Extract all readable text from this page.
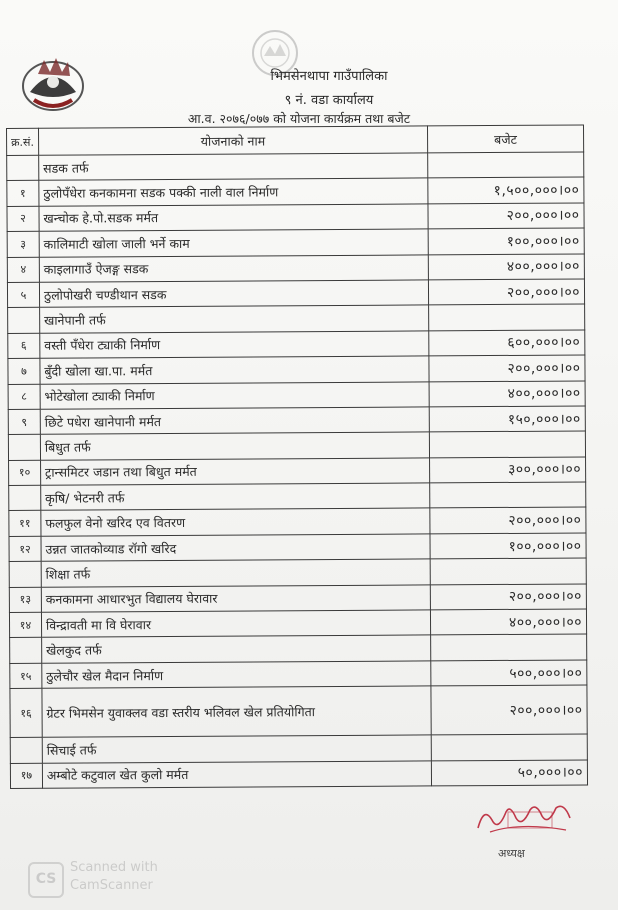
भिमसेनथापा गाउँपालिका
९ नं. वडा कार्यालय
आ.व. २०७६/०७७ को योजना कार्यक्रम तथा बजेट
क्र.सं.	योजनाको नाम	बजेट
	सडक तर्फ	
१	ठुलोपँधेरा कनकामना सडक पक्की नाली वाल निर्माण	१,५००,०००।००
२	खन्चोक हे.पो.सडक मर्मत	२००,०००।००
३	कालिमाटी खोला जाली भर्ने काम	१००,०००।००
४	काइलागाउँ ऐजङ्ग सडक	४००,०००।००
५	ठुलोपोखरी चण्डीथान सडक	२००,०००।००
	खानेपानी तर्फ	
६	वस्ती पँधेरा ट्याकी निर्माण	६००,०००।००
७	बुँदी खोला खा.पा. मर्मत	२००,०००।००
८	भोटेखोला ट्याकी निर्माण	४००,०००।००
९	छिटे पधेरा खानेपानी मर्मत	१५०,०००।००
	बिधुत तर्फ	
१०	ट्रान्समिटर जडान तथा बिधुत मर्मत	३००,०००।००
	कृषि/ भेटनरी तर्फ	
११	फलफुल वेनो खरिद एव वितरण	२००,०००।००
१२	उन्नत जातकोव्याड रॉगो खरिद	१००,०००।००
	शिक्षा तर्फ	
१३	कनकामना आधारभुत विद्यालय घेरावार	२००,०००।००
१४	विन्द्रावती मा वि घेरावार	४००,०००।००
	खेलकुद तर्फ	
१५	ठुलेचौर खेल मैदान निर्माण	५००,०००।००
१६	ग्रेटर भिमसेन युवाक्लव वडा स्तरीय भलिवल खेल प्रतियोगिता	२००,०००।००
	सिचाई तर्फ	
१७	अम्बोटे कटुवाल खेत कुलो मर्मत	५०,०००।००
अध्यक्ष
CS
Scanned with
CamScanner
